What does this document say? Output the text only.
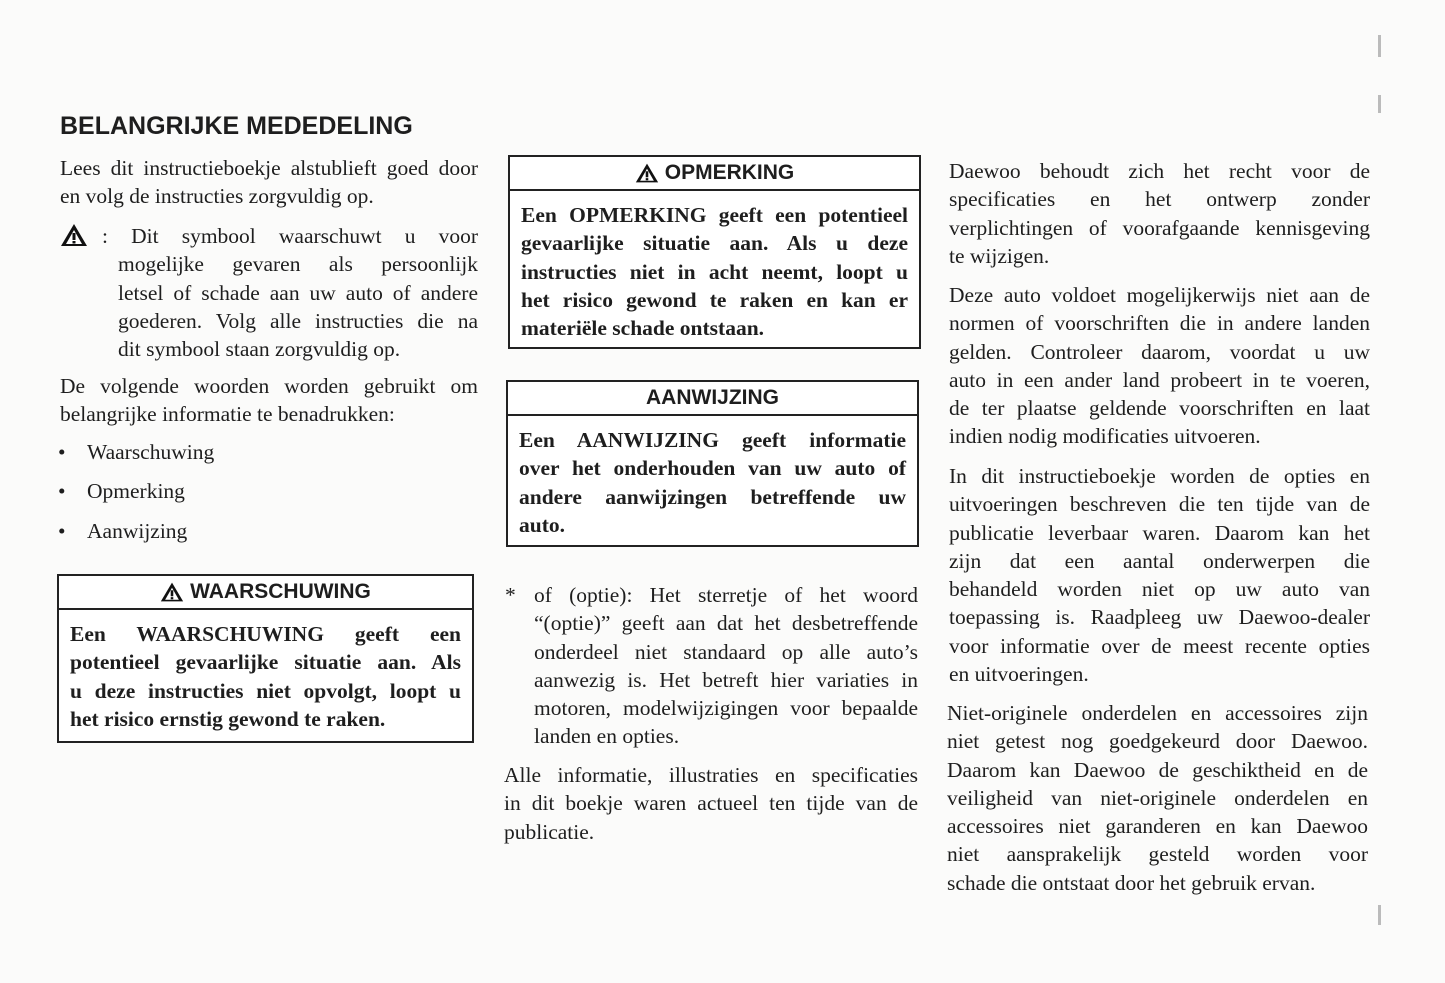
BELANGRIJKE MEDEDELING
Lees dit instructieboekje alstublieft goed door
en volg de instructies zorgvuldig op.
: Dit symbool waarschuwt u voor
mogelijke gevaren als persoonlijk
letsel of schade aan uw auto of andere
goederen. Volg alle instructies die na
dit symbool staan zorgvuldig op.
De volgende woorden worden gebruikt om
belangrijke informatie te benadrukken:
• Waarschuwing
• Opmerking
• Aanwijzing
WAARSCHUWING
Een WAARSCHUWING geeft een
potentieel gevaarlijke situatie aan. Als
u deze instructies niet opvolgt, loopt u
het risico ernstig gewond te raken.
OPMERKING
Een OPMERKING geeft een potentieel
gevaarlijke situatie aan. Als u deze
instructies niet in acht neemt, loopt u
het risico gewond te raken en kan er
materiële schade ontstaan.
AANWIJZING
Een AANWIJZING geeft informatie
over het onderhouden van uw auto of
andere aanwijzingen betreffende uw
auto.
* of (optie): Het sterretje of het woord
“(optie)” geeft aan dat het desbetreffende
onderdeel niet standaard op alle auto’s
aanwezig is. Het betreft hier variaties in
motoren, modelwijzigingen voor bepaalde
landen en opties.
Alle informatie, illustraties en specificaties
in dit boekje waren actueel ten tijde van de
publicatie.
Daewoo behoudt zich het recht voor de
specificaties en het ontwerp zonder
verplichtingen of voorafgaande kennisgeving
te wijzigen.
Deze auto voldoet mogelijkerwijs niet aan de
normen of voorschriften die in andere landen
gelden. Controleer daarom, voordat u uw
auto in een ander land probeert in te voeren,
de ter plaatse geldende voorschriften en laat
indien nodig modificaties uitvoeren.
In dit instructieboekje worden de opties en
uitvoeringen beschreven die ten tijde van de
publicatie leverbaar waren. Daarom kan het
zijn dat een aantal onderwerpen die
behandeld worden niet op uw auto van
toepassing is. Raadpleeg uw Daewoo-dealer
voor informatie over de meest recente opties
en uitvoeringen.
Niet-originele onderdelen en accessoires zijn
niet getest nog goedgekeurd door Daewoo.
Daarom kan Daewoo de geschiktheid en de
veiligheid van niet-originele onderdelen en
accessoires niet garanderen en kan Daewoo
niet aansprakelijk gesteld worden voor
schade die ontstaat door het gebruik ervan.
